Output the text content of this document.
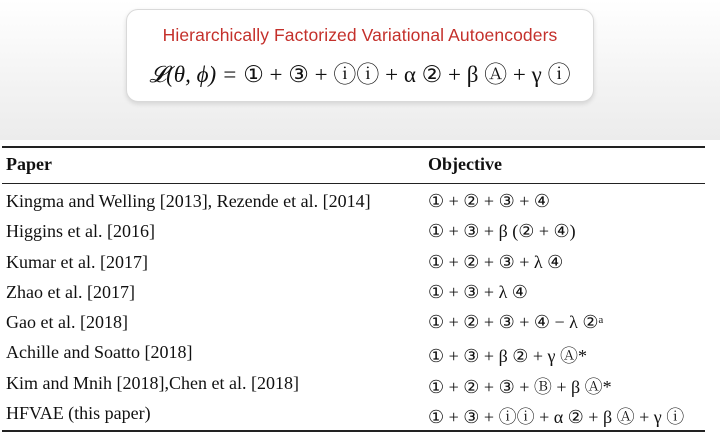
Hierarchically Factorized Variational Autoencoders
𝓛(θ, ϕ) = ① + ③ + ⓘⓘ + α ② + β Ⓐ + γ ⓘ
Paper	Objective
Kingma and Welling [2013], Rezende et al. [2014]	① + ② + ③ + ④
Higgins et al. [2016]	① + ③ + β (② + ④)
Kumar et al. [2017]	① + ② + ③ + λ ④
Zhao et al. [2017]	① + ③ + λ ④
Gao et al. [2018]	① + ② + ③ + ④ − λ ②ᵃ
Achille and Soatto [2018]	① + ③ + β ② + γ Ⓐ*
Kim and Mnih [2018],Chen et al. [2018]	① + ② + ③ + Ⓑ + β Ⓐ*
HFVAE (this paper)	① + ③ + ⓘⓘ + α ② + β Ⓐ + γ ⓘ
